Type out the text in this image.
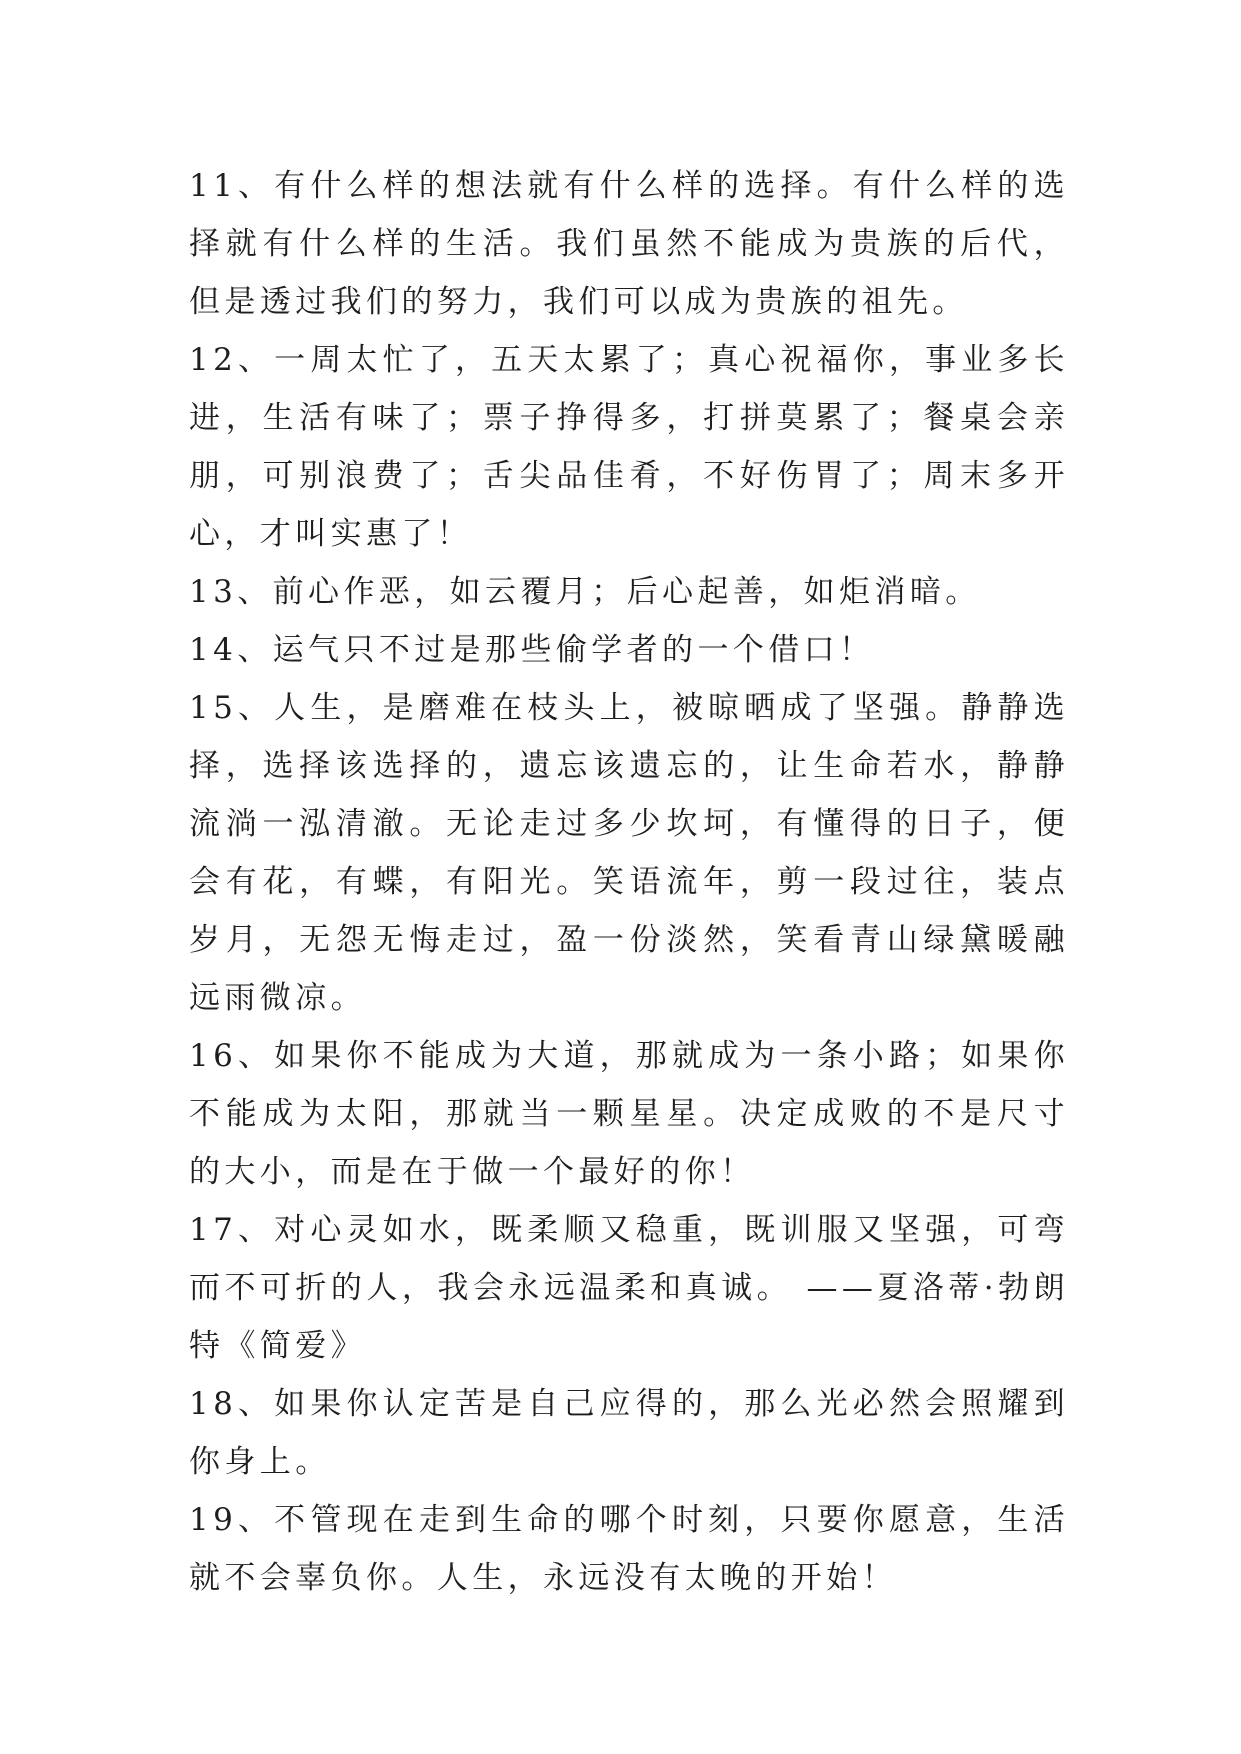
11、有什么样的想法就有什么样的选择。有什么样的选择就有什么样的生活。我们虽然不能成为贵族的后代，但是透过我们的努力，我们可以成为贵族的祖先。

12、一周太忙了，五天太累了；真心祝福你，事业多长进，生活有味了；票子挣得多，打拼莫累了；餐桌会亲朋，可别浪费了；舌尖品佳肴，不好伤胃了；周末多开心，才叫实惠了！

13、前心作恶，如云覆月；后心起善，如炬消暗。

14、运气只不过是那些偷学者的一个借口！

15、人生，是磨难在枝头上，被晾晒成了坚强。静静选择，选择该选择的，遗忘该遗忘的，让生命若水，静静流淌一泓清澈。无论走过多少坎坷，有懂得的日子，便会有花，有蝶，有阳光。笑语流年，剪一段过往，装点岁月，无怨无悔走过，盈一份淡然，笑看青山绿黛暖融远雨微凉。

16、如果你不能成为大道，那就成为一条小路；如果你不能成为太阳，那就当一颗星星。决定成败的不是尺寸的大小，而是在于做一个最好的你！

17、对心灵如水，既柔顺又稳重，既训服又坚强，可弯而不可折的人，我会永远温柔和真诚。 ——夏洛蒂·勃朗特《简爱》

18、如果你认定苦是自己应得的，那么光必然会照耀到你身上。

19、不管现在走到生命的哪个时刻，只要你愿意，生活就不会辜负你。人生，永远没有太晚的开始！
